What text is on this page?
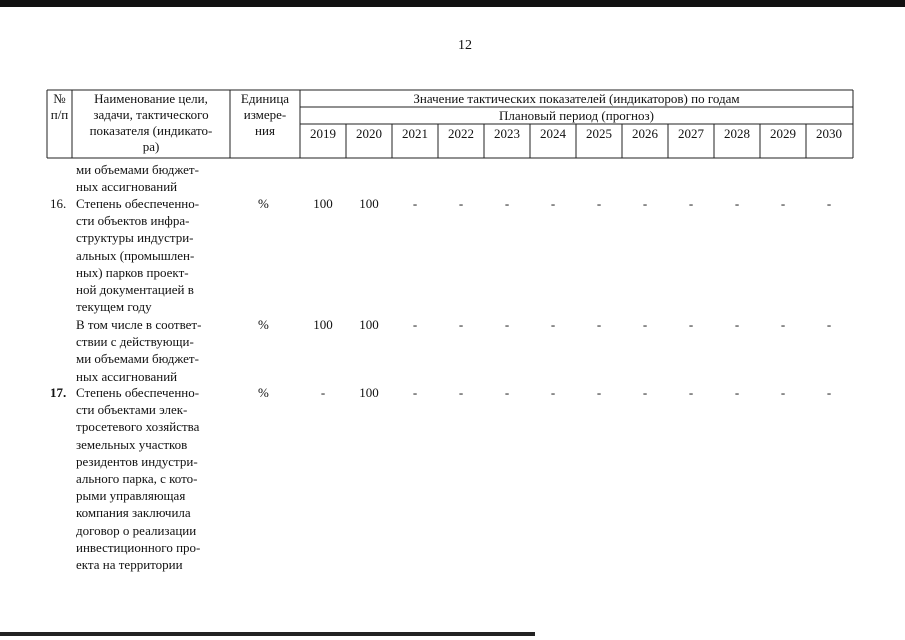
12
№
п/п
Наименование цели,
задачи, тактического
показателя (индикато-
ра)
Единица
измере-
ния
Значение тактических показателей (индикаторов) по годам
Плановый период (прогноз)
2019	2020	2021	2022	2023	2024	2025	2026	2027	2028	2029	2030
ми объемами бюджет-
ных ассигнований
16. Степень обеспеченно-
сти объектов инфра-
структуры индустри-
альных (промышлен-
ных) парков проект-
ной документацией в
текущем году
%	100	100	-	-	-	-	-	-	-	-	-	-
В том числе в соответ-
ствии с действующи-
ми объемами бюджет-
ных ассигнований
%	100	100	-	-	-	-	-	-	-	-	-	-
17. Степень обеспеченно-
сти объектами элек-
тросетевого хозяйства
земельных участков
резидентов индустри-
ального парка, с кото-
рыми управляющая
компания заключила
договор о реализации
инвестиционного про-
екта на территории
%	-	100	-	-	-	-	-	-	-	-	-	-
